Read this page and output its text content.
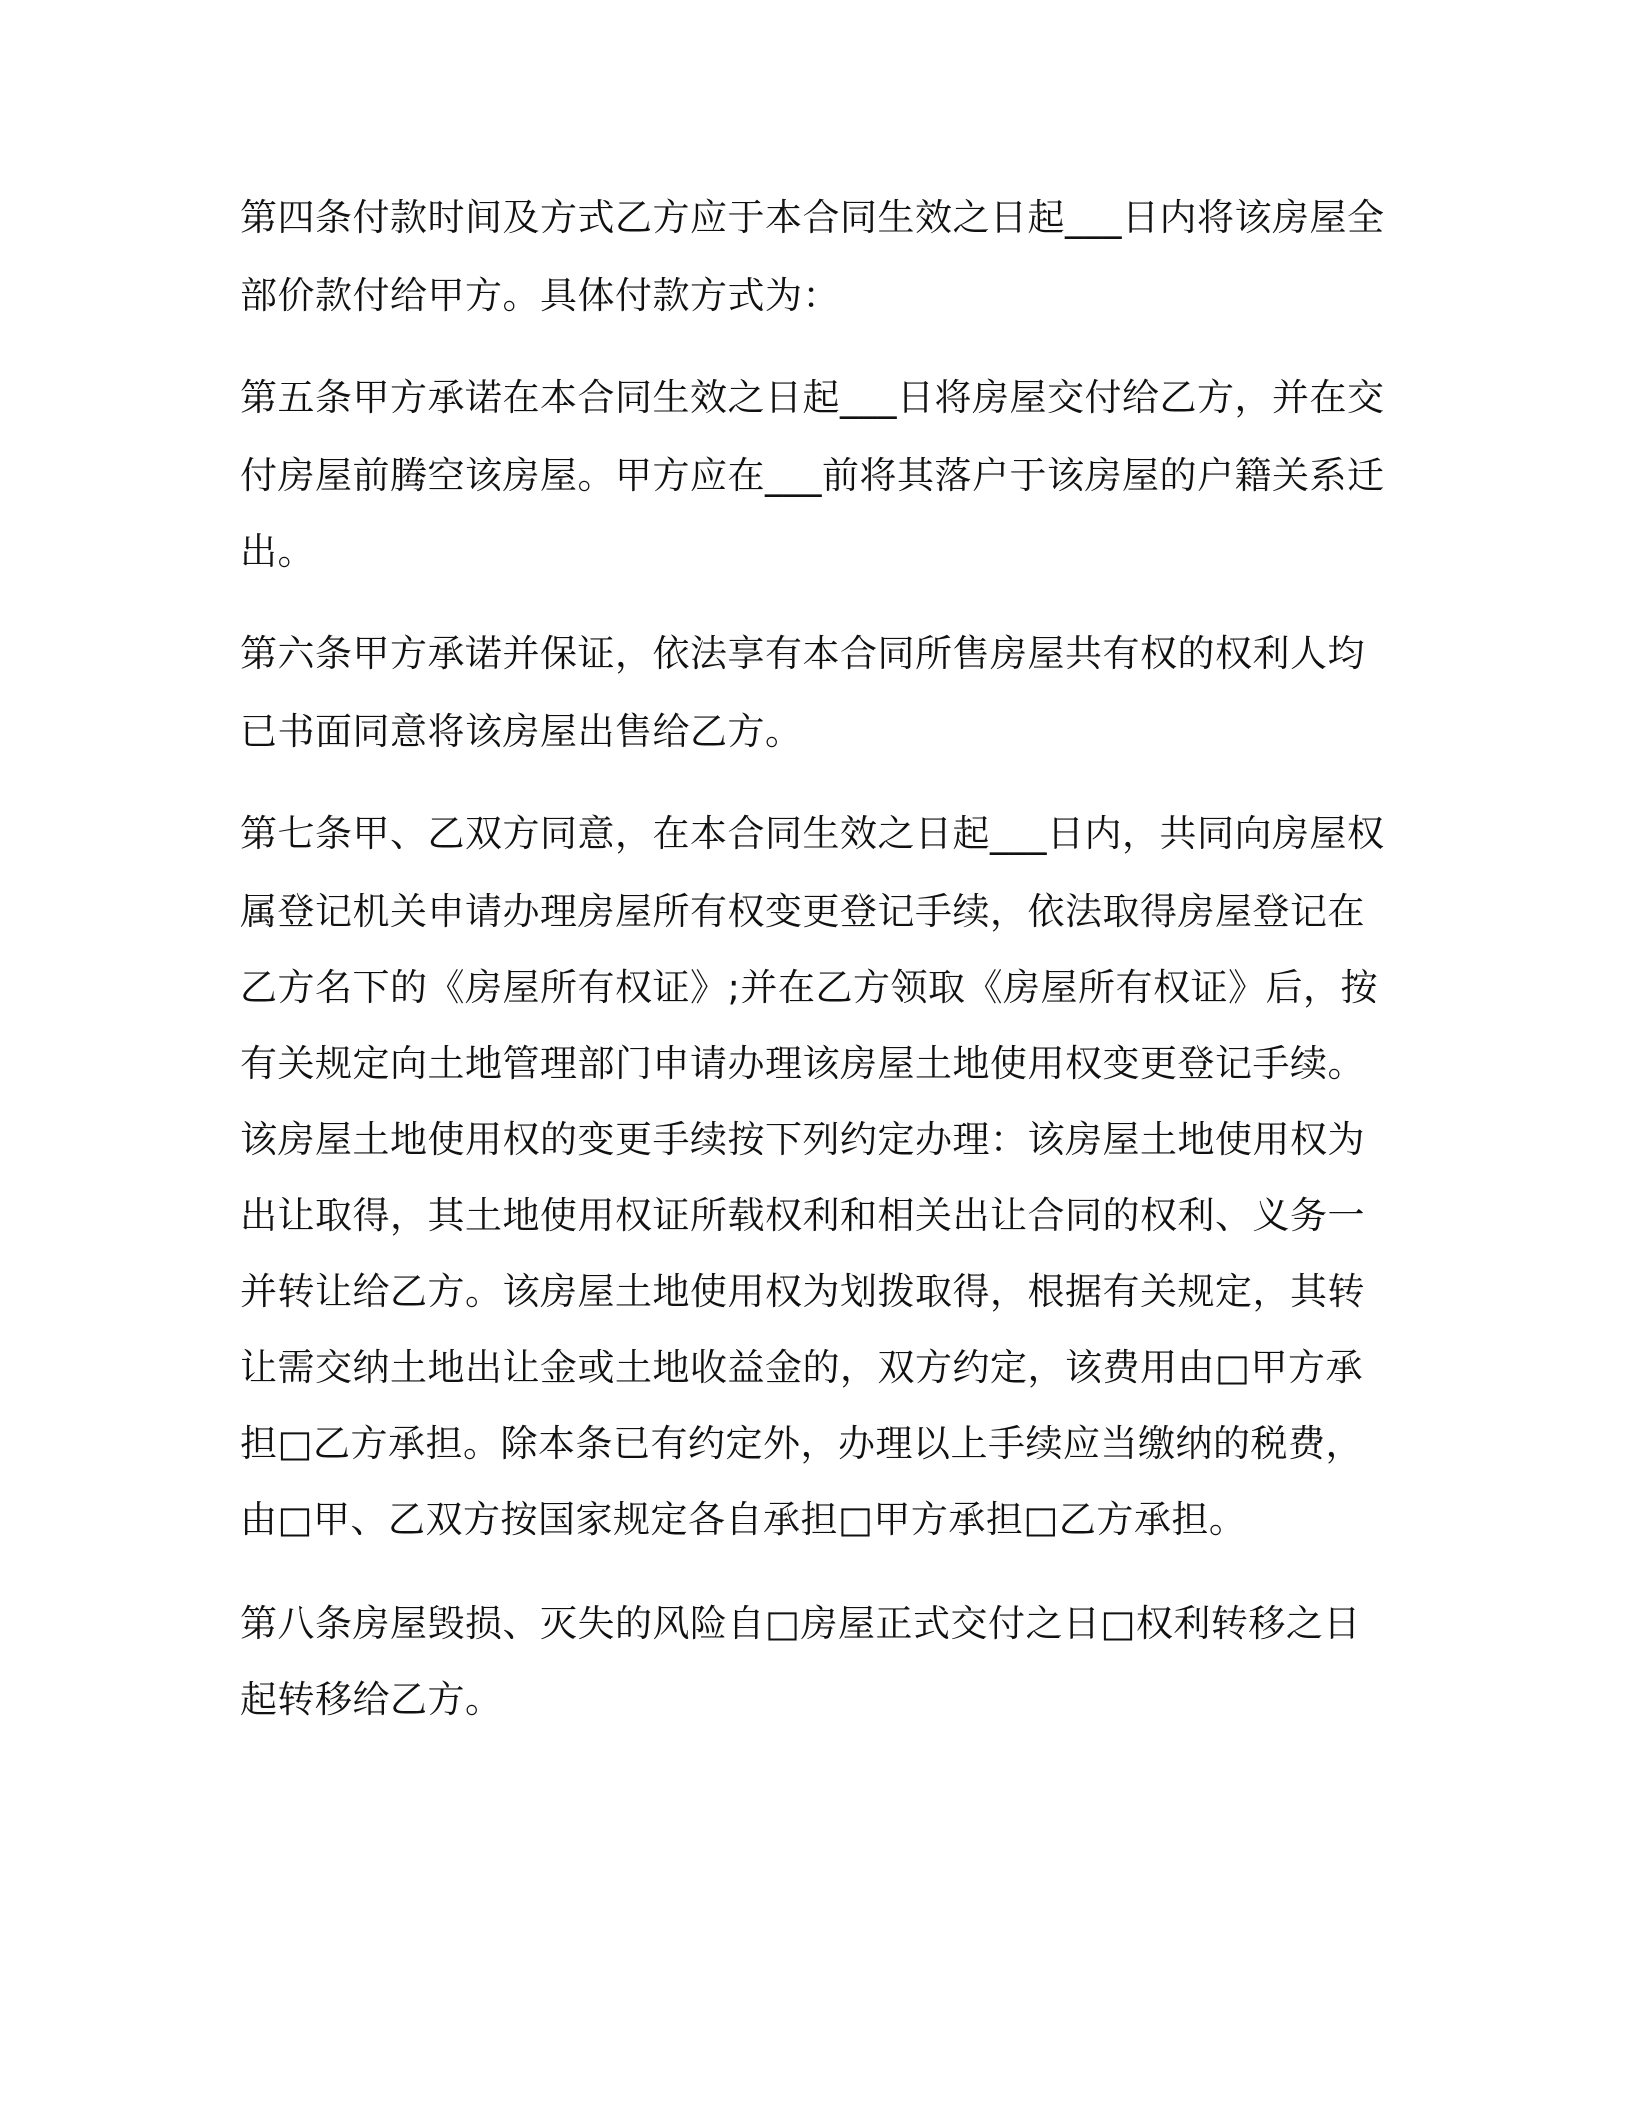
第四条付款时间及方式乙方应于本合同生效之日起___日内将该房屋全
部价款付给甲方。具体付款方式为：
第五条甲方承诺在本合同生效之日起___日将房屋交付给乙方，并在交
付房屋前腾空该房屋。甲方应在___前将其落户于该房屋的户籍关系迁
出。
第六条甲方承诺并保证，依法享有本合同所售房屋共有权的权利人均
已书面同意将该房屋出售给乙方。
第七条甲、乙双方同意，在本合同生效之日起___日内，共同向房屋权
属登记机关申请办理房屋所有权变更登记手续，依法取得房屋登记在
乙方名下的《房屋所有权证》;并在乙方领取《房屋所有权证》后，按
有关规定向土地管理部门申请办理该房屋土地使用权变更登记手续。
该房屋土地使用权的变更手续按下列约定办理：该房屋土地使用权为
出让取得，其土地使用权证所载权利和相关出让合同的权利、义务一
并转让给乙方。该房屋土地使用权为划拨取得，根据有关规定，其转
让需交纳土地出让金或土地收益金的，双方约定，该费用由□甲方承
担□乙方承担。除本条已有约定外，办理以上手续应当缴纳的税费，
由□甲、乙双方按国家规定各自承担□甲方承担□乙方承担。
第八条房屋毁损、灭失的风险自□房屋正式交付之日□权利转移之日
起转移给乙方。
